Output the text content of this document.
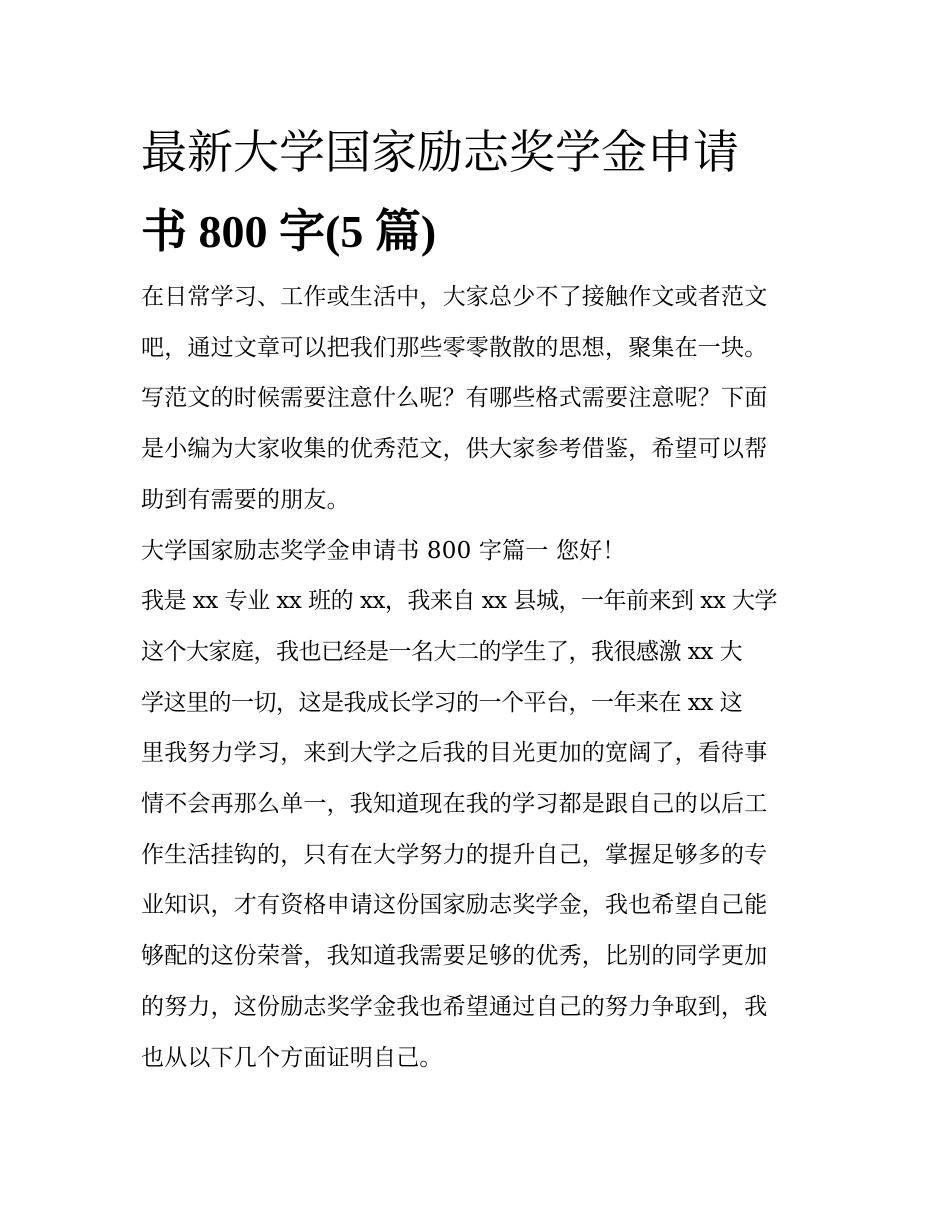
最新大学国家励志奖学金申请
书 800 字(5 篇)
在日常学习、工作或生活中，大家总少不了接触作文或者范文
吧，通过文章可以把我们那些零零散散的思想，聚集在一块。
写范文的时候需要注意什么呢？有哪些格式需要注意呢？下面
是小编为大家收集的优秀范文，供大家参考借鉴，希望可以帮
助到有需要的朋友。
大学国家励志奖学金申请书 800 字篇一 您好！
我是 xx 专业 xx 班的 xx，我来自 xx 县城，一年前来到 xx 大学
这个大家庭，我也已经是一名大二的学生了，我很感激 xx 大
学这里的一切，这是我成长学习的一个平台，一年来在 xx 这
里我努力学习，来到大学之后我的目光更加的宽阔了，看待事
情不会再那么单一，我知道现在我的学习都是跟自己的以后工
作生活挂钩的，只有在大学努力的提升自己，掌握足够多的专
业知识，才有资格申请这份国家励志奖学金，我也希望自己能
够配的这份荣誉，我知道我需要足够的优秀，比别的同学更加
的努力，这份励志奖学金我也希望通过自己的努力争取到，我
也从以下几个方面证明自己。
